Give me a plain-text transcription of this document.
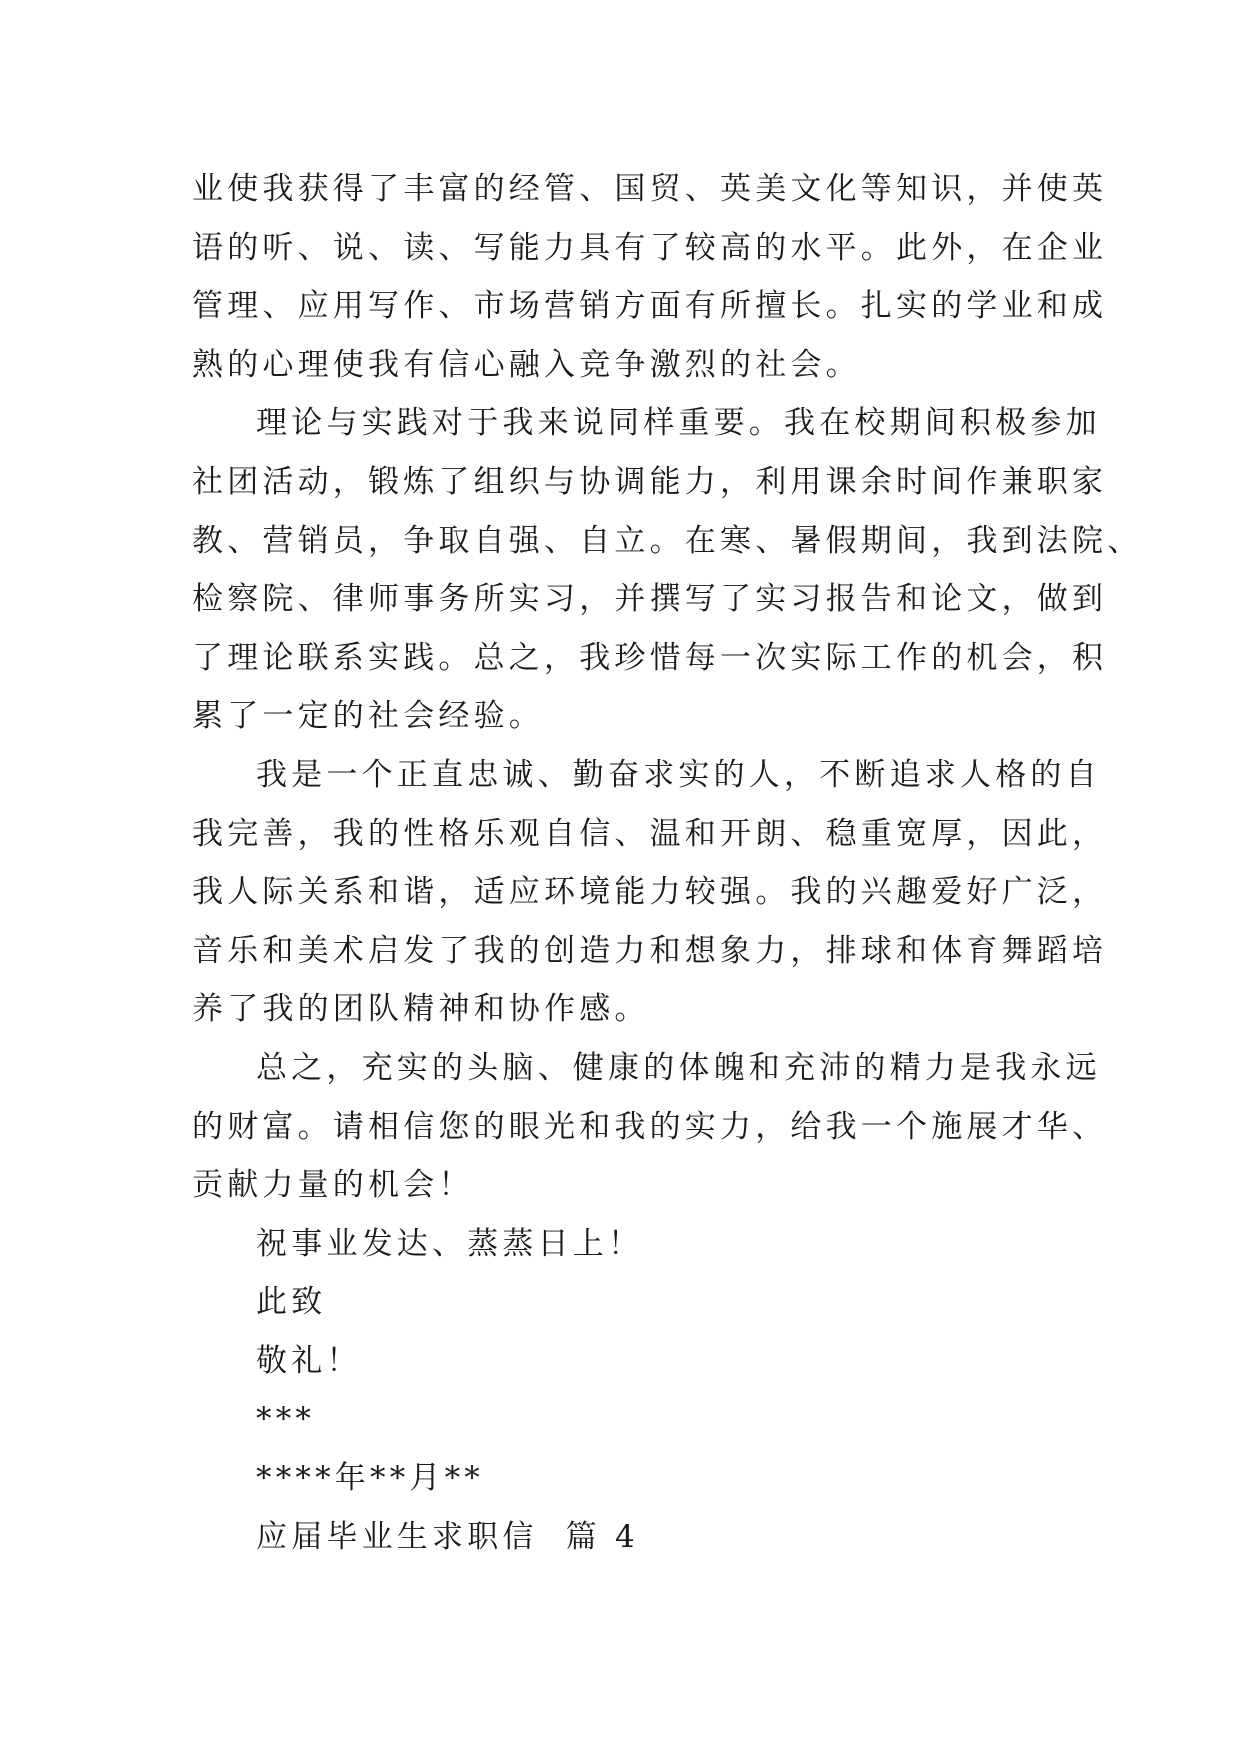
业使我获得了丰富的经管、国贸、英美文化等知识，并使英
语的听、说、读、写能力具有了较高的水平。此外，在企业
管理、应用写作、市场营销方面有所擅长。扎实的学业和成
熟的心理使我有信心融入竞争激烈的社会。
理论与实践对于我来说同样重要。我在校期间积极参加
社团活动，锻炼了组织与协调能力，利用课余时间作兼职家
教、营销员，争取自强、自立。在寒、暑假期间，我到法院、
检察院、律师事务所实习，并撰写了实习报告和论文，做到
了理论联系实践。总之，我珍惜每一次实际工作的机会，积
累了一定的社会经验。
我是一个正直忠诚、勤奋求实的人，不断追求人格的自
我完善，我的性格乐观自信、温和开朗、稳重宽厚，因此，
我人际关系和谐，适应环境能力较强。我的兴趣爱好广泛，
音乐和美术启发了我的创造力和想象力，排球和体育舞蹈培
养了我的团队精神和协作感。
总之，充实的头脑、健康的体魄和充沛的精力是我永远
的财富。请相信您的眼光和我的实力，给我一个施展才华、
贡献力量的机会！
祝事业发达、蒸蒸日上！
此致
敬礼！
***
****年**月**
应届毕业生求职信  篇 4
